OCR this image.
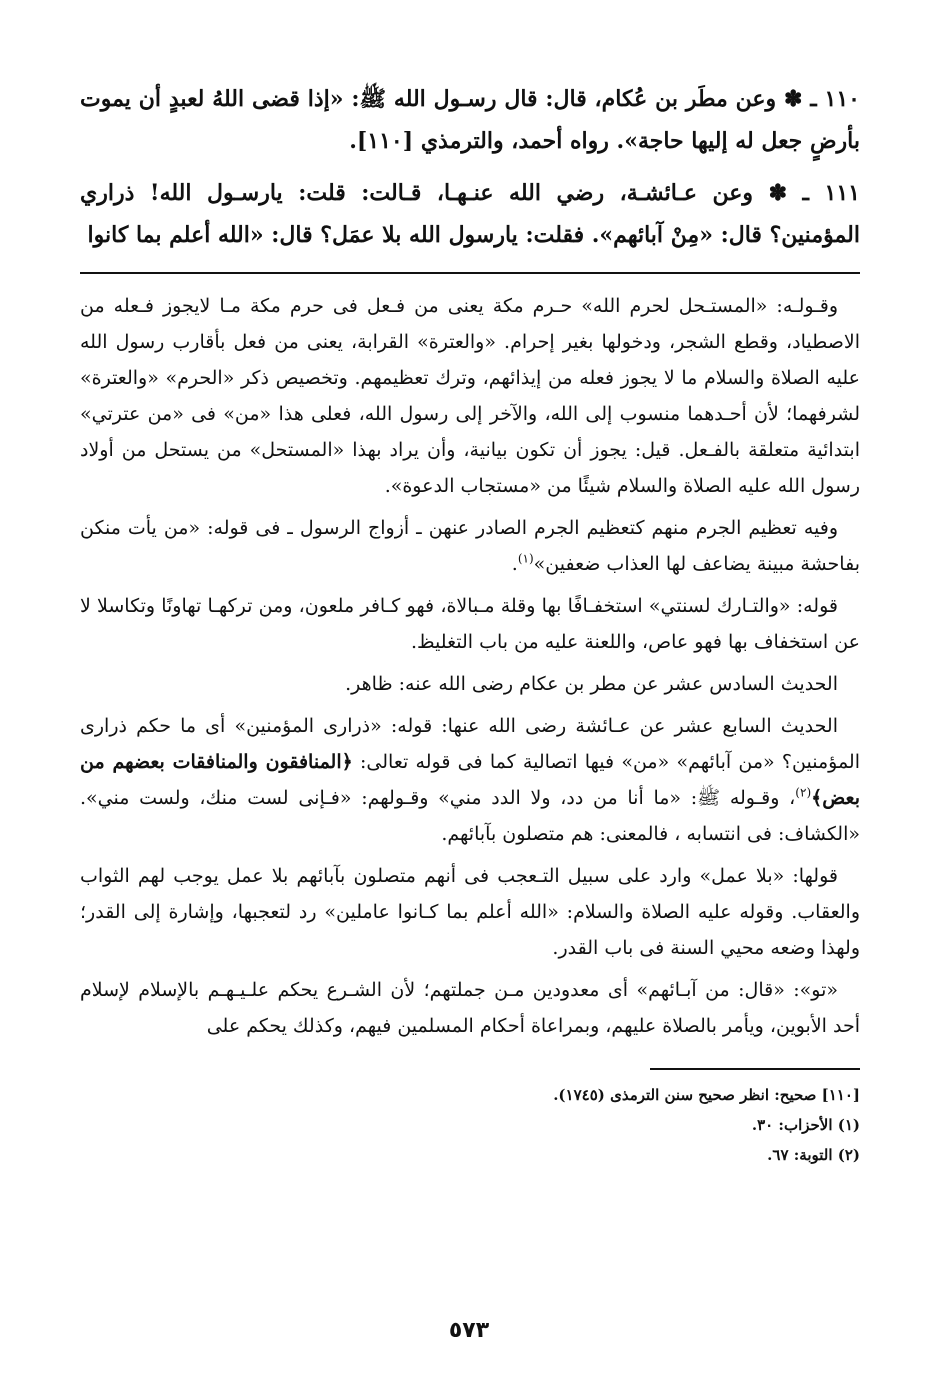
١١٠ ـ ✽ وعن مطَر بن عُكام، قال: قال رسـول الله ﷺ: «إذا قضى اللهُ لعبدٍ أن يموت بأرضٍ جعل له إليها حاجة». رواه أحمد، والترمذي [١١٠].

١١١ ـ ✽ وعن عـائشـة، رضي الله عنـهـا، قـالت: قلت: يارسـول الله! ذراري المؤمنين؟ قال: «مِنْ آبائهم». فقلت: يارسول الله بلا عمَل؟ قال: «الله أعلم بما كانوا

وقـولـه: «المستـحل لحرم الله» حـرم مكة يعنى من فـعل فى حرم مكة مـا لايجوز فـعله من الاصطياد، وقطع الشجر، ودخولها بغير إحرام. «والعترة» القرابة، يعنى من فعل بأقارب رسول الله عليه الصلاة والسلام ما لا يجوز فعله من إيذائهم، وترك تعظيمهم. وتخصيص ذكر «الحرم» «والعترة» لشرفهما؛ لأن أحـدهما منسوب إلى الله، والآخر إلى رسول الله، فعلى هذا «من» فى «من عترتي» ابتدائية متعلقة بالفـعل. قيل: يجوز أن تكون بيانية، وأن يراد بهذا «المستحل» من يستحل من أولاد رسول الله عليه الصلاة والسلام شيئًا من «مستجاب الدعوة».

وفيه تعظيم الجرم منهم كتعظيم الجرم الصادر عنهن ـ أزواج الرسول ـ فى قوله: «من يأت منكن بفاحشة مبينة يضاعف لها العذاب ضعفين»$^{(١)}$.

قوله: «والتـارك لسنتي» استخفـافًا بها وقلة مـبالاة، فهو كـافر ملعون، ومن تركهـا تهاونًا وتكاسلا لا عن استخفاف بها فهو عاص، واللعنة عليه من باب التغليظ.

الحديث السادس عشر عن مطر بن عكام رضى الله عنه: ظاهر.

الحديث السابع عشر عن عـائشة رضى الله عنها: قوله: «ذرارى المؤمنين» أى ما حكم ذرارى المؤمنين؟ «من آبائهم» «من» فيها اتصالية كما فى قوله تعالى: ﴿المنافقون والمنافقات بعضهم من بعض﴾$^{(٢)}$، وقـوله ﷺ: «ما أنا من دد، ولا الدد مني» وقـولهم: «فـإنى لست منك، ولست مني». «الكشاف: فى انتسابه ، فالمعنى: هم متصلون بآبائهم.

قولها: «بلا عمل» وارد على سبيل التـعجب فى أنهم متصلون بآبائهم بلا عمل يوجب لهم الثواب والعقاب. وقوله عليه الصلاة والسلام: «الله أعلم بما كـانوا عاملين» رد لتعجبها، وإشارة إلى القدر؛ ولهذا وضعه محيي السنة فى باب القدر.

«تو»: «قال: من آبـائهم» أى معدودين مـن جملتهم؛ لأن الشـرع يحكم علـيـهـم بالإسلام لإسلام أحد الأبوين، ويأمر بالصلاة عليهم، وبمراعاة أحكام المسلمين فيهم، وكذلك يحكم على

[١١٠] صحيح: انظر صحيح سنن الترمذى (١٧٤٥).
(١) الأحزاب: ٣٠.
(٢) التوبة: ٦٧.
٥٧٣
